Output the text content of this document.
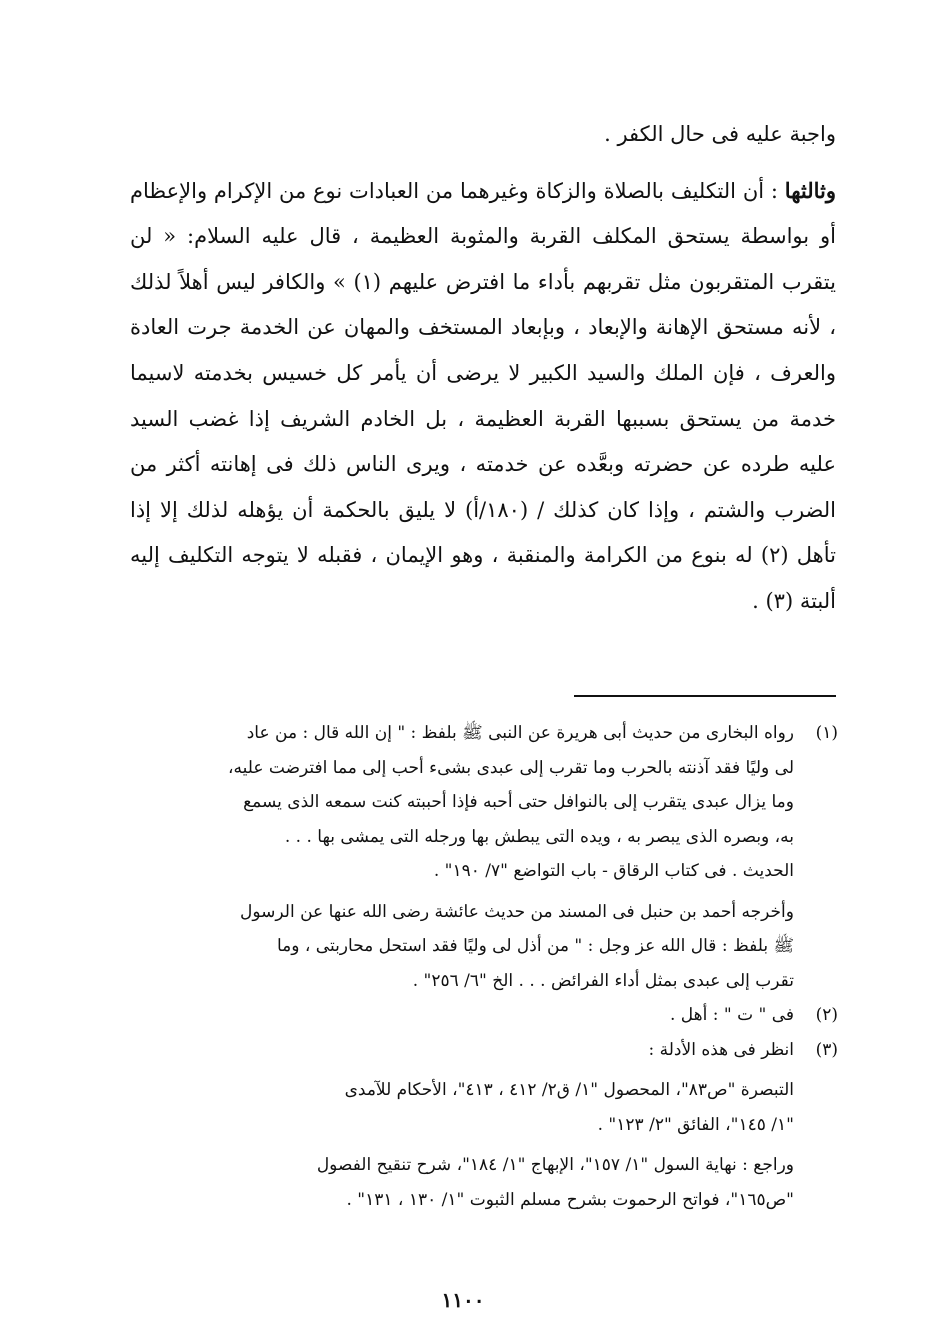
واجبة عليه فى حال الكفر .

وثالثها : أن التكليف بالصلاة والزكاة وغيرهما من العبادات نوع من الإكرام والإعظام أو بواسطة يستحق المكلف القربة والمثوبة العظيمة ، قال عليه السلام: « لن يتقرب المتقربون مثل تقربهم بأداء ما افترض عليهم (١) » والكافر ليس أهلاً لذلك ، لأنه مستحق الإهانة والإبعاد ، وبإبعاد المستخف والمهان عن الخدمة جرت العادة والعرف ، فإن الملك والسيد الكبير لا يرضى أن يأمر كل خسيس بخدمته لاسيما خدمة من يستحق بسببها القربة العظيمة ، بل الخادم الشريف إذا غضب السيد عليه طرده عن حضرته وبعَّده عن خدمته ، ويرى الناس ذلك فى إهانته أكثر من الضرب والشتم ، وإذا كان كذلك / (١٨٠/أ) لا يليق بالحكمة أن يؤهله لذلك إلا إذا تأهل (٢) له بنوع من الكرامة والمنقبة ، وهو الإيمان ، فقبله لا يتوجه التكليف إليه ألبتة (٣) .

(١)
رواه البخارى من حديث أبى هريرة عن النبى ﷺ بلفظ : " إن الله قال : من عاد
لى وليًا فقد آذنته بالحرب وما تقرب إلى عبدى بشىء أحب إلى مما افترضت عليه،
وما يزال عبدى يتقرب إلى بالنوافل حتى أحبه فإذا أحببته كنت سمعه الذى يسمع
به، وبصره الذى يبصر به ، ويده التى يبطش بها ورجله التى يمشى بها . . .
الحديث . فى كتاب الرقاق - باب التواضع "٧/ ١٩٠" .
وأخرجه أحمد بن حنبل فى المسند من حديث عائشة رضى الله عنها عن الرسول
ﷺ بلفظ : قال الله عز وجل : " من أذل لى وليًا فقد استحل محاربتى ، وما
تقرب إلى عبدى بمثل أداء الفرائض . . . الخ "٦/ ٢٥٦" .
(٢)
فى " ت " : أهل .
(٣)
انظر فى هذه الأدلة :
التبصرة "ص٨٣"، المحصول "١/ ق٢/ ٤١٢ ، ٤١٣"، الأحكام للآمدى
"١/ ١٤٥"، الفائق "٢/ ١٢٣" .
وراجع : نهاية السول "١/ ١٥٧"، الإبهاج "١/ ١٨٤"، شرح تنقيح الفصول
"ص١٦٥"، فواتح الرحموت بشرح مسلم الثبوت "١/ ١٣٠ ، ١٣١" .
١١٠٠
